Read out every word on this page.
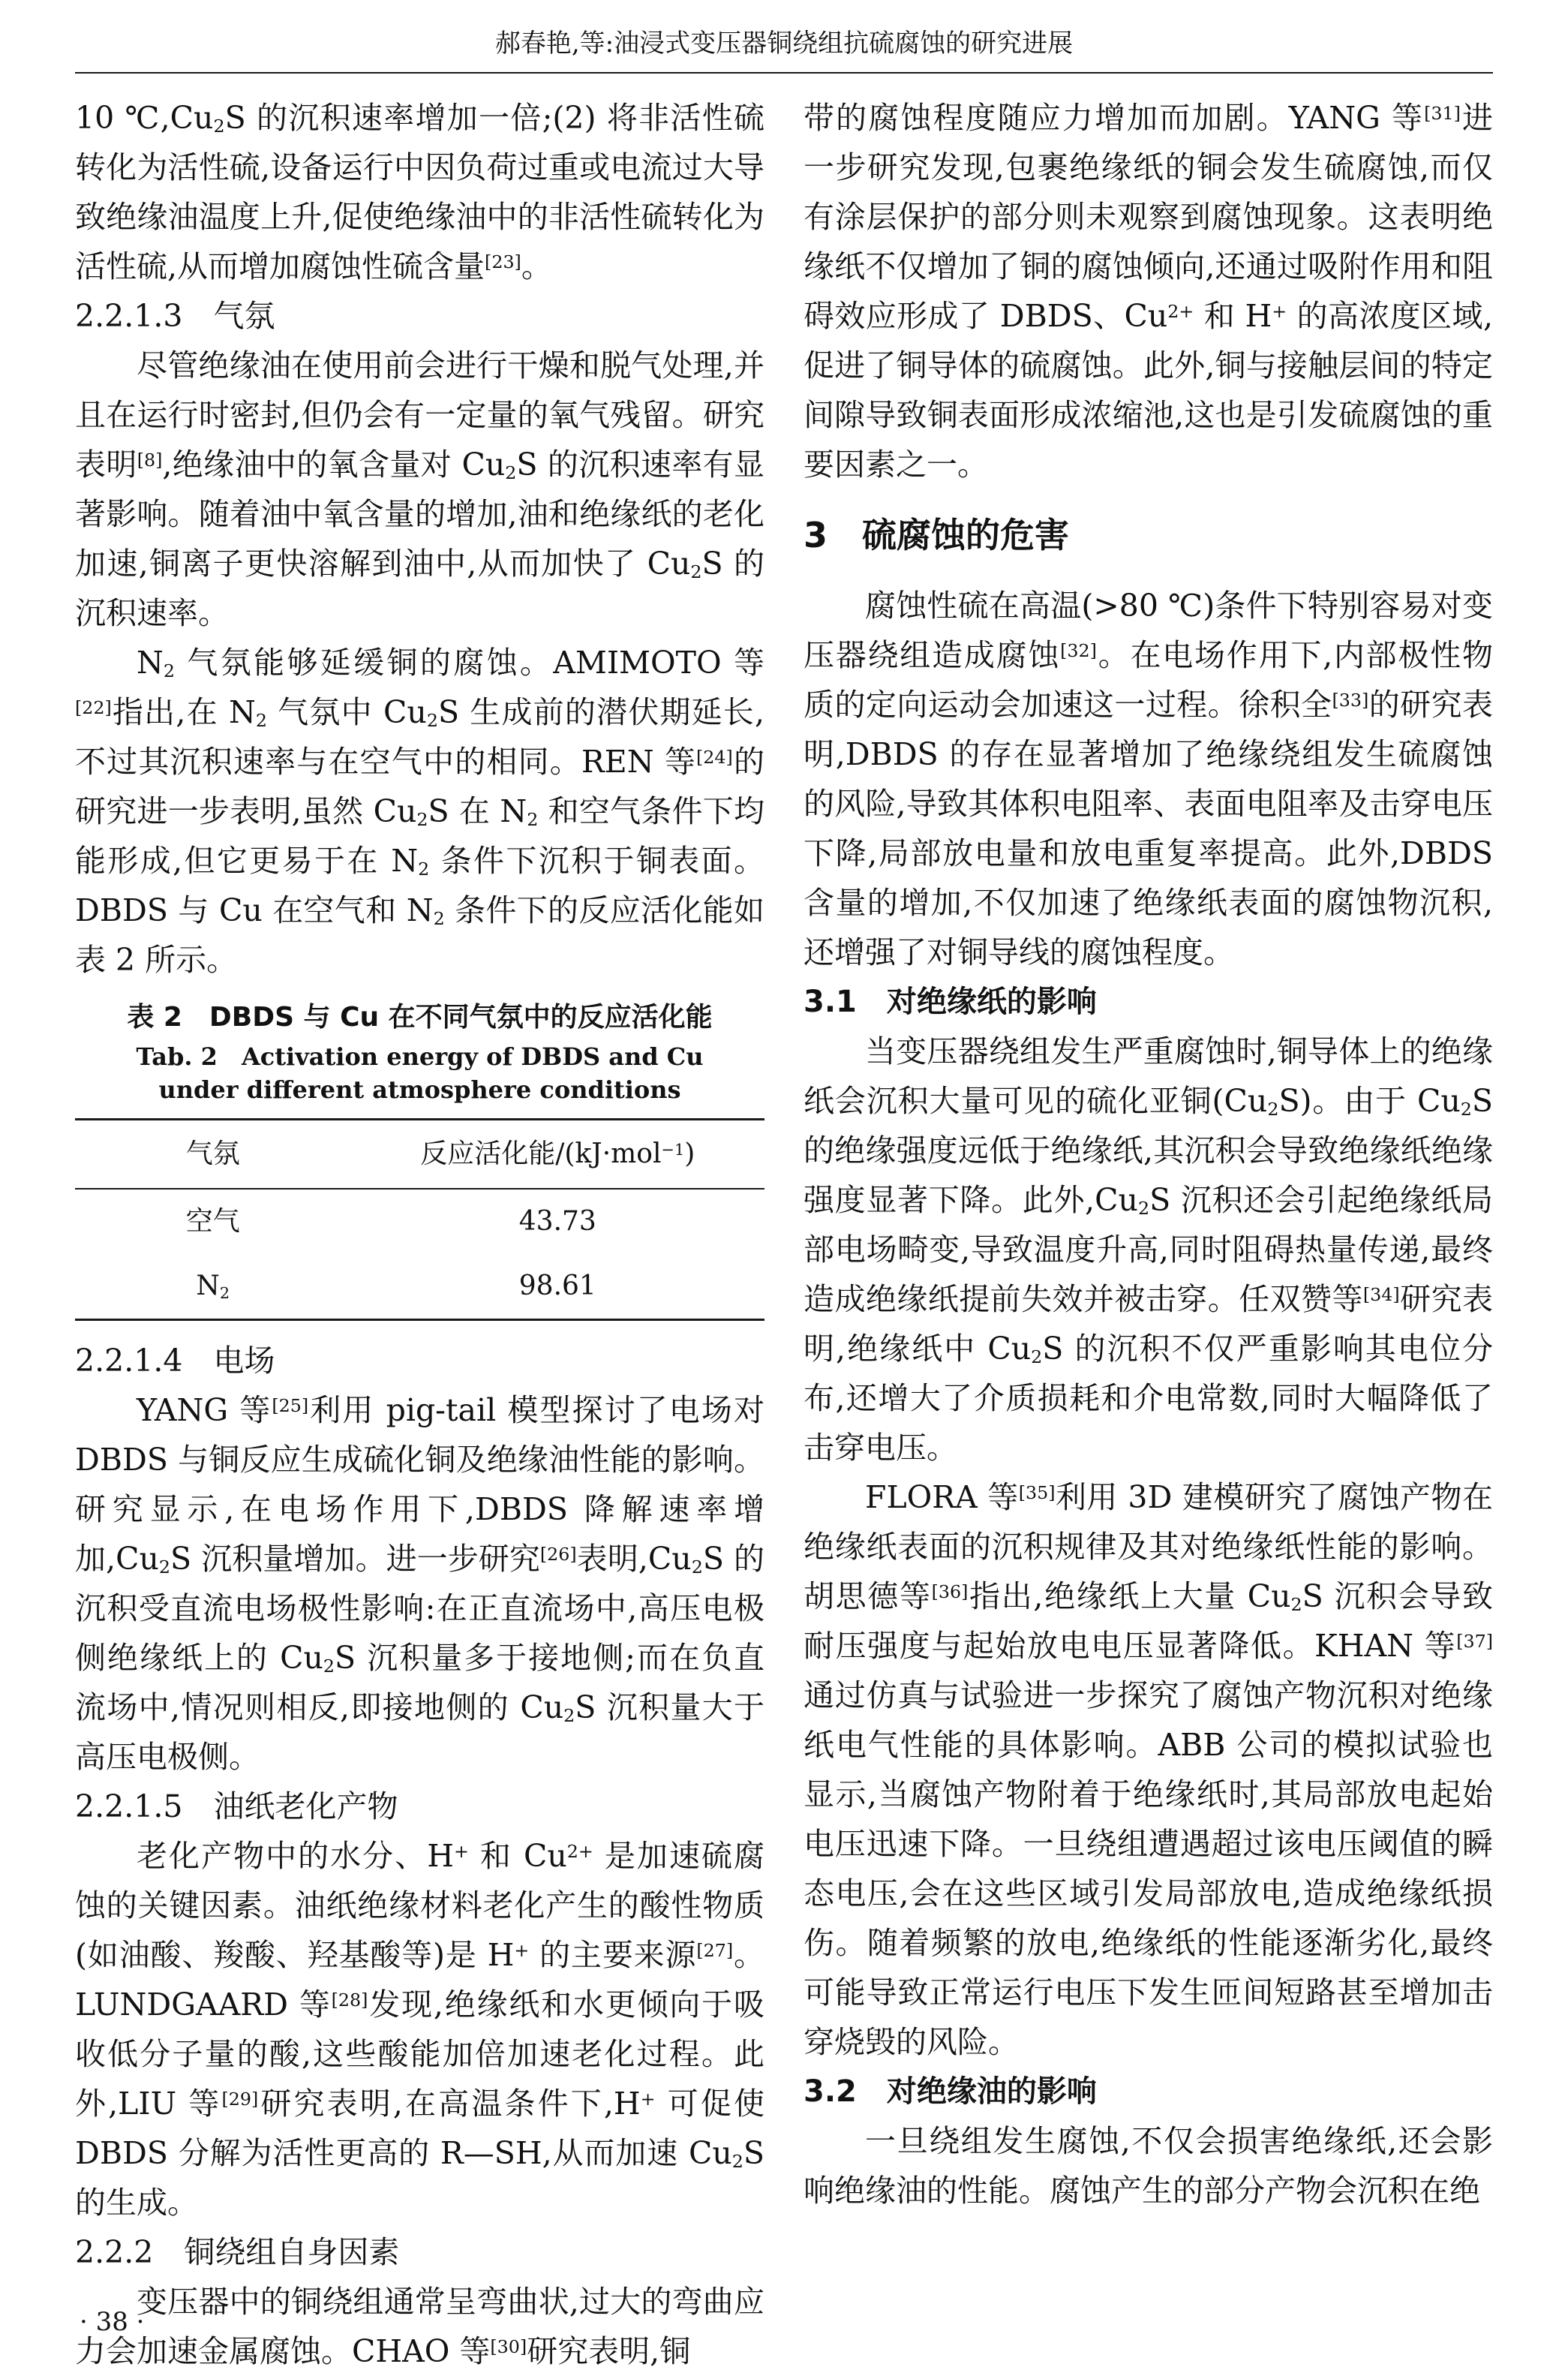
郝春艳,等:油浸式变压器铜绕组抗硫腐蚀的研究进展

10 $℃,Cu_2S$ 的沉积速率增加一倍;(2) 将非活性硫转化为活性硫,设备运行中因负荷过重或电流过大导致绝缘油温度上升,促使绝缘油中的非活性硫转化为活性硫,从而增加腐蚀性硫含量[23]。

2.2.1.3　气氛

尽管绝缘油在使用前会进行干燥和脱气处理,并且在运行时密封,但仍会有一定量的氧气残留。研究表明[8],绝缘油中的氧含量对 $Cu_2S$ 的沉积速率有显著影响。随着油中氧含量的增加,油和绝缘纸的老化加速,铜离子更快溶解到油中,从而加快了 $Cu_2S$ 的沉积速率。

$N_2$ 气氛能够延缓铜的腐蚀。AMIMOTO 等[22]指出,在 $N_2$ 气氛中 $Cu_2S$ 生成前的潜伏期延长,不过其沉积速率与在空气中的相同。REN 等[24]的研究进一步表明,虽然 $Cu_2S$ 在 $N_2$ 和空气条件下均能形成,但它更易于在 $N_2$ 条件下沉积于铜表面。DBDS 与 Cu 在空气和 $N_2$ 条件下的反应活化能如表 2 所示。

表 2　DBDS 与 Cu 在不同气氛中的反应活化能
Tab. 2　Activation energy of DBDS and Cu under different atmosphere conditions
气氛	反应活化能/(kJ·mol$^{-1}$)
空气	43.73
$N_2$	98.61
2.2.1.4　电场

YANG 等[25]利用 pig-tail 模型探讨了电场对 DBDS 与铜反应生成硫化铜及绝缘油性能的影响。研究显示,在电场作用下,DBDS 降解速率增加$,Cu_2S$ 沉积量增加。进一步研究[26]表明$,Cu_2S$ 的沉积受直流电场极性影响:在正直流场中,高压电极侧绝缘纸上的 $Cu_2S$ 沉积量多于接地侧;而在负直流场中,情况则相反,即接地侧的 $Cu_2S$ 沉积量大于高压电极侧。

2.2.1.5　油纸老化产物

老化产物中的水分、H+ 和 $Cu^{2+}$ 是加速硫腐蚀的关键因素。油纸绝缘材料老化产生的酸性物质(如油酸、羧酸、羟基酸等)是 H+ 的主要来源[27]。LUNDGAARD 等[28]发现,绝缘纸和水更倾向于吸收低分子量的酸,这些酸能加倍加速老化过程。此外,LIU 等[29]研究表明,在高温条件下,H+ 可促使 DBDS 分解为活性更高的 R—SH,从而加速 $Cu_2S$ 的生成。

2.2.2　铜绕组自身因素

变压器中的铜绕组通常呈弯曲状,过大的弯曲应力会加速金属腐蚀。CHAO 等[30]研究表明,铜

带的腐蚀程度随应力增加而加剧。YANG 等[31]进一步研究发现,包裹绝缘纸的铜会发生硫腐蚀,而仅有涂层保护的部分则未观察到腐蚀现象。这表明绝缘纸不仅增加了铜的腐蚀倾向,还通过吸附作用和阻碍效应形成了 DBDS、$Cu^{2+}$ 和 H+ 的高浓度区域,促进了铜导体的硫腐蚀。此外,铜与接触层间的特定间隙导致铜表面形成浓缩池,这也是引发硫腐蚀的重要因素之一。

3　硫腐蚀的危害

腐蚀性硫在高温(>80 ℃)条件下特别容易对变压器绕组造成腐蚀[32]。在电场作用下,内部极性物质的定向运动会加速这一过程。徐积全[33]的研究表明,DBDS 的存在显著增加了绝缘绕组发生硫腐蚀的风险,导致其体积电阻率、表面电阻率及击穿电压下降,局部放电量和放电重复率提高。此外,DBDS 含量的增加,不仅加速了绝缘纸表面的腐蚀物沉积,还增强了对铜导线的腐蚀程度。

3.1　对绝缘纸的影响

当变压器绕组发生严重腐蚀时,铜导体上的绝缘纸会沉积大量可见的硫化亚铜$(Cu_2S)$。由于 $Cu_2S$ 的绝缘强度远低于绝缘纸,其沉积会导致绝缘纸绝缘强度显著下降。此外$,Cu_2S$ 沉积还会引起绝缘纸局部电场畸变,导致温度升高,同时阻碍热量传递,最终造成绝缘纸提前失效并被击穿。任双赞等[34]研究表明,绝缘纸中 $Cu_2S$ 的沉积不仅严重影响其电位分布,还增大了介质损耗和介电常数,同时大幅降低了击穿电压。

FLORA 等[35]利用 3D 建模研究了腐蚀产物在绝缘纸表面的沉积规律及其对绝缘纸性能的影响。胡思德等[36]指出,绝缘纸上大量 $Cu_2S$ 沉积会导致耐压强度与起始放电电压显著降低。KHAN 等[37]通过仿真与试验进一步探究了腐蚀产物沉积对绝缘纸电气性能的具体影响。ABB 公司的模拟试验也显示,当腐蚀产物附着于绝缘纸时,其局部放电起始电压迅速下降。一旦绕组遭遇超过该电压阈值的瞬态电压,会在这些区域引发局部放电,造成绝缘纸损伤。随着频繁的放电,绝缘纸的性能逐渐劣化,最终可能导致正常运行电压下发生匝间短路甚至增加击穿烧毁的风险。

3.2　对绝缘油的影响

一旦绕组发生腐蚀,不仅会损害绝缘纸,还会影响绝缘油的性能。腐蚀产生的部分产物会沉积在绝

· 38 ·
